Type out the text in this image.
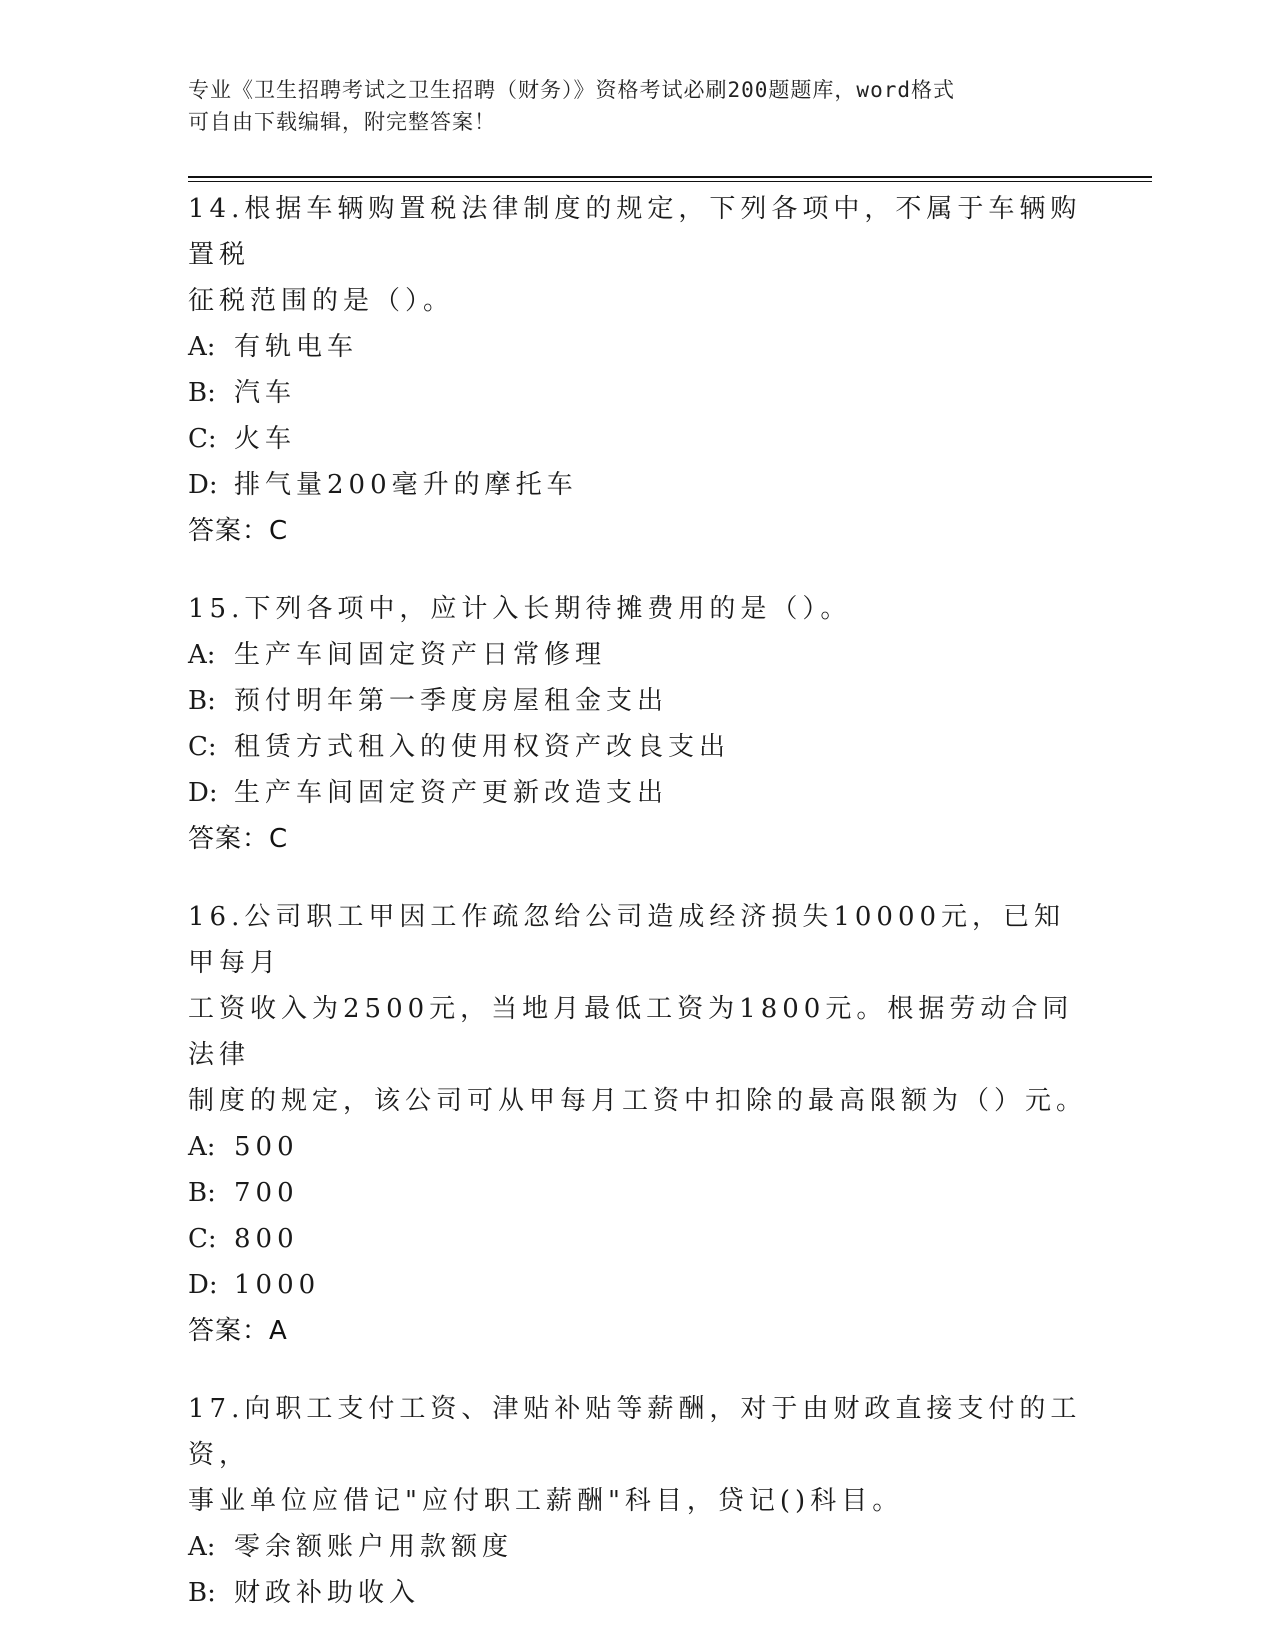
专业《卫生招聘考试之卫生招聘（财务）》资格考试必刷200题题库，word格式
可自由下载编辑，附完整答案！
14.根据车辆购置税法律制度的规定，下列各项中，不属于车辆购置税
征税范围的是（）。
A: 有轨电车
B: 汽车
C: 火车
D: 排气量200毫升的摩托车
答案：C
15.下列各项中，应计入长期待摊费用的是（）。
A: 生产车间固定资产日常修理
B: 预付明年第一季度房屋租金支出
C: 租赁方式租入的使用权资产改良支出
D: 生产车间固定资产更新改造支出
答案：C
16.公司职工甲因工作疏忽给公司造成经济损失10000元，已知甲每月
工资收入为2500元，当地月最低工资为1800元。根据劳动合同法律
制度的规定，该公司可从甲每月工资中扣除的最高限额为（）元。
A: 500
B: 700
C: 800
D: 1000
答案：A
17.向职工支付工资、津贴补贴等薪酬，对于由财政直接支付的工资，
事业单位应借记"应付职工薪酬"科目，贷记()科目。
A: 零余额账户用款额度
B: 财政补助收入
